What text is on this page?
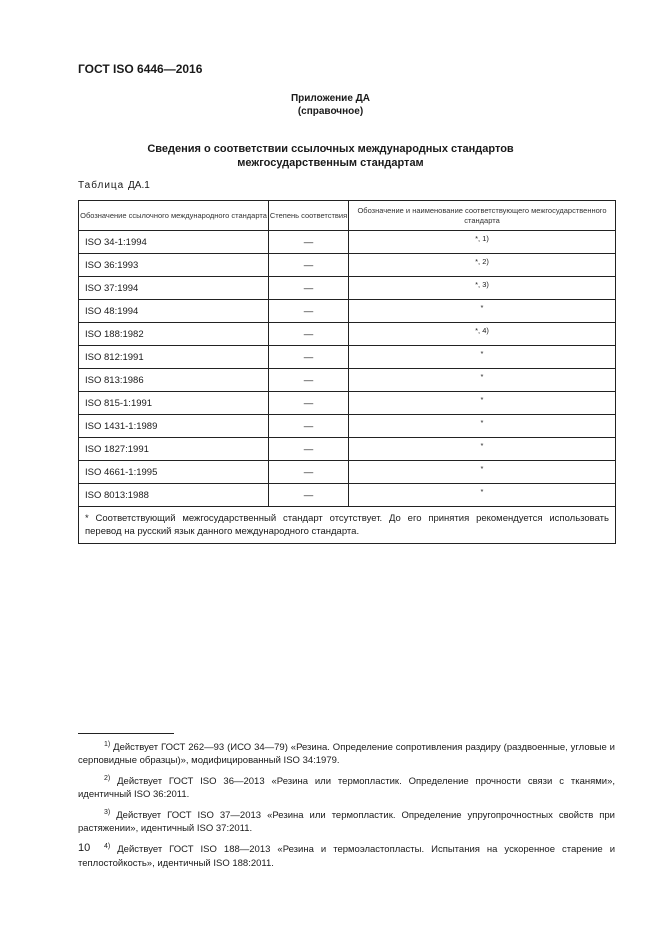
ГОСТ ISO 6446—2016
Приложение ДА
(справочное)
Сведения о соответствии ссылочных международных стандартов
межгосударственным стандартам
Таблица ДА.1
Обозначение ссылочного международного стандарта	Степень соответствия	Обозначение и наименование соответствующего межгосударственного стандарта
ISO 34-1:1994	—	*, 1)
ISO 36:1993	—	*, 2)
ISO 37:1994	—	*, 3)
ISO 48:1994	—	*
ISO 188:1982	—	*, 4)
ISO 812:1991	—	*
ISO 813:1986	—	*
ISO 815-1:1991	—	*
ISO 1431-1:1989	—	*
ISO 1827:1991	—	*
ISO 4661-1:1995	—	*
ISO 8013:1988	—	*
* Соответствующий межгосударственный стандарт отсутствует. До его принятия рекомендуется использовать перевод на русский язык данного международного стандарта.		

$^{1)}$ Действует ГОСТ 262—93 (ИСО 34—79) «Резина. Определение сопротивления раздиру (раздвоенные, угловые и серповидные образцы)», модифицированный ISO 34:1979.

$^{2)}$ Действует ГОСТ ISO 36—2013 «Резина или термопластик. Определение прочности связи с тканями», идентичный ISO 36:2011.

$^{3)}$ Действует ГОСТ ISO 37—2013 «Резина или термопластик. Определение упругопрочностных свойств при растяжении», идентичный ISO 37:2011.

$^{4)}$ Действует ГОСТ ISO 188—2013 «Резина и термоэластопласты. Испытания на ускоренное старение и теплостойкость», идентичный ISO 188:2011.

10
